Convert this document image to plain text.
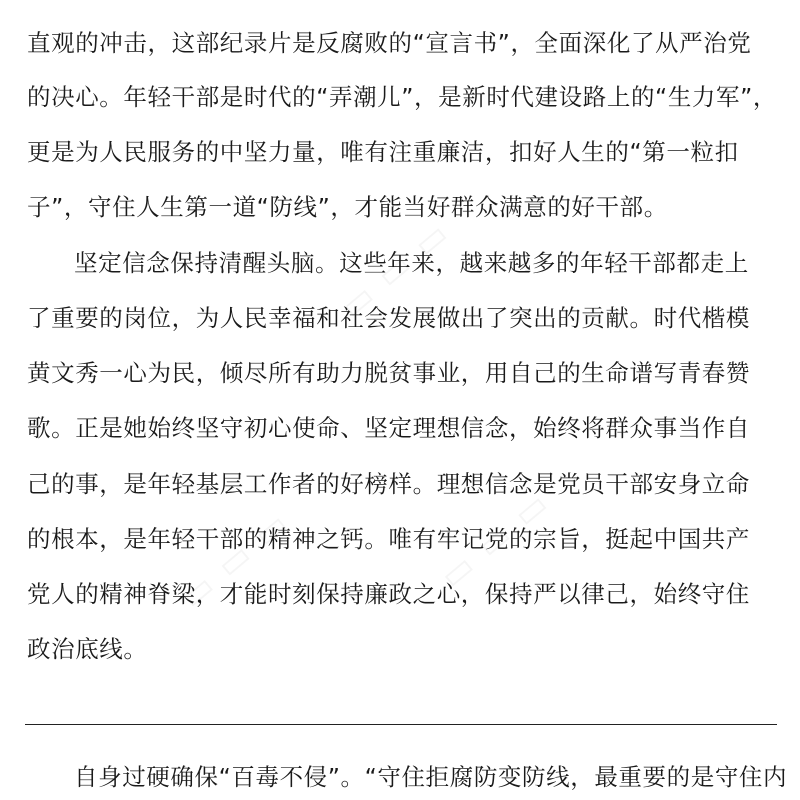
▭ ▭ ▭
▭ ▭ ▭
▭ ▭ ▭
直观的冲击，这部纪录片是反腐败的“宣言书”，全面深化了从严治党
的决心。年轻干部是时代的“弄潮儿”，是新时代建设路上的“生力军”，
更是为人民服务的中坚力量，唯有注重廉洁，扣好人生的“第一粒扣
子”，守住人生第一道“防线”，才能当好群众满意的好干部。
坚定信念保持清醒头脑。这些年来，越来越多的年轻干部都走上
了重要的岗位，为人民幸福和社会发展做出了突出的贡献。时代楷模
黄文秀一心为民，倾尽所有助力脱贫事业，用自己的生命谱写青春赞
歌。正是她始终坚守初心使命、坚定理想信念，始终将群众事当作自
己的事，是年轻基层工作者的好榜样。理想信念是党员干部安身立命
的根本，是年轻干部的精神之钙。唯有牢记党的宗旨，挺起中国共产
党人的精神脊梁，才能时刻保持廉政之心，保持严以律己，始终守住
政治底线。
自身过硬确保“百毒不侵”。“守住拒腐防变防线，最重要的是守住内
